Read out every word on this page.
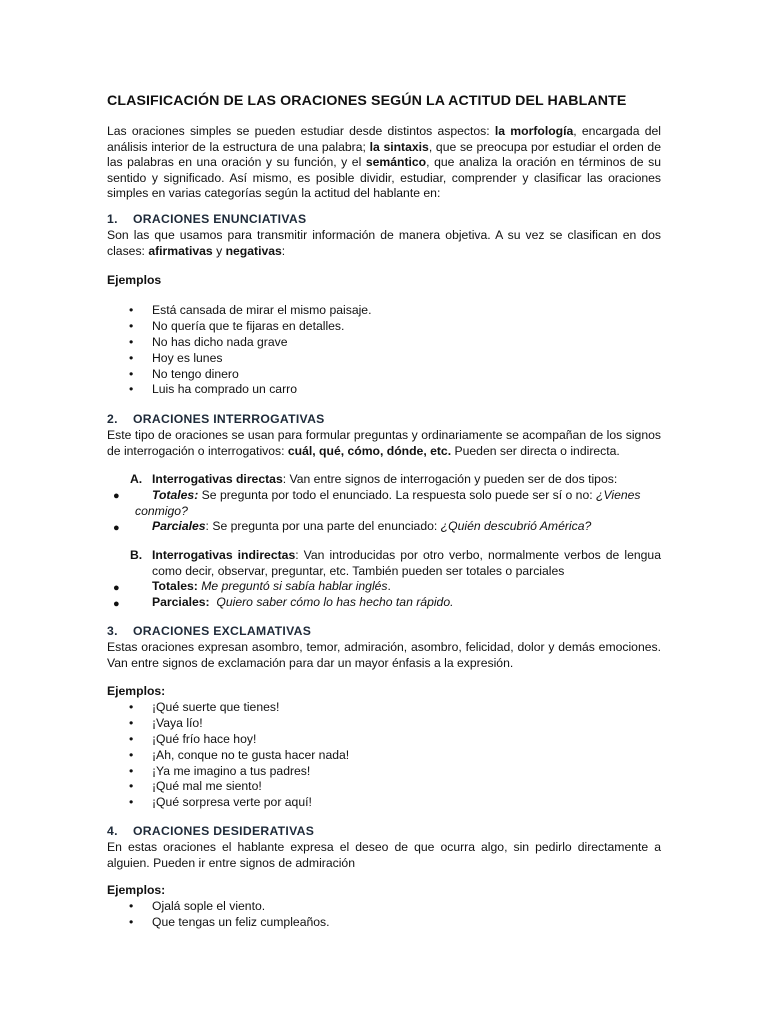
CLASIFICACIÓN DE LAS ORACIONES SEGÚN LA ACTITUD DEL HABLANTE
Las oraciones simples se pueden estudiar desde distintos aspectos: la morfología, encargada del análisis interior de la estructura de una palabra; la sintaxis, que se preocupa por estudiar el orden de las palabras en una oración y su función, y el semántico, que analiza la oración en términos de su sentido y significado. Así mismo, es posible dividir, estudiar, comprender y clasificar las oraciones simples en varias categorías según la actitud del hablante en:
1. ORACIONES ENUNCIATIVAS
Son las que usamos para transmitir información de manera objetiva. A su vez se clasifican en dos clases: afirmativas y negativas:
Ejemplos
• Está cansada de mirar el mismo paisaje.
• No quería que te fijaras en detalles.
• No has dicho nada grave
• Hoy es lunes
• No tengo dinero
• Luis ha comprado un carro
2. ORACIONES INTERROGATIVAS
Este tipo de oraciones se usan para formular preguntas y ordinariamente se acompañan de los signos de interrogación o interrogativos: cuál, qué, cómo, dónde, etc. Pueden ser directa o indirecta.
A. Interrogativas directas: Van entre signos de interrogación y pueden ser de dos tipos:
●	Totales: Se pregunta por todo el enunciado. La respuesta solo puede ser sí o no: ¿Vienes conmigo?
●	Parciales: Se pregunta por una parte del enunciado: ¿Quién descubrió América?
B. Interrogativas indirectas: Van introducidas por otro verbo, normalmente verbos de lengua como decir, observar, preguntar, etc. También pueden ser totales o parciales
●	Totales: Me preguntó si sabía hablar inglés.
●	Parciales: Quiero saber cómo lo has hecho tan rápido.
3. ORACIONES EXCLAMATIVAS
Estas oraciones expresan asombro, temor, admiración, asombro, felicidad, dolor y demás emociones. Van entre signos de exclamación para dar un mayor énfasis a la expresión.
Ejemplos:
• ¡Qué suerte que tienes!
• ¡Vaya lío!
• ¡Qué frío hace hoy!
• ¡Ah, conque no te gusta hacer nada!
• ¡Ya me imagino a tus padres!
• ¡Qué mal me siento!
• ¡Qué sorpresa verte por aquí!
4. ORACIONES DESIDERATIVAS
En estas oraciones el hablante expresa el deseo de que ocurra algo, sin pedirlo directamente a alguien. Pueden ir entre signos de admiración
Ejemplos:
• Ojalá sople el viento.
• Que tengas un feliz cumpleaños.
